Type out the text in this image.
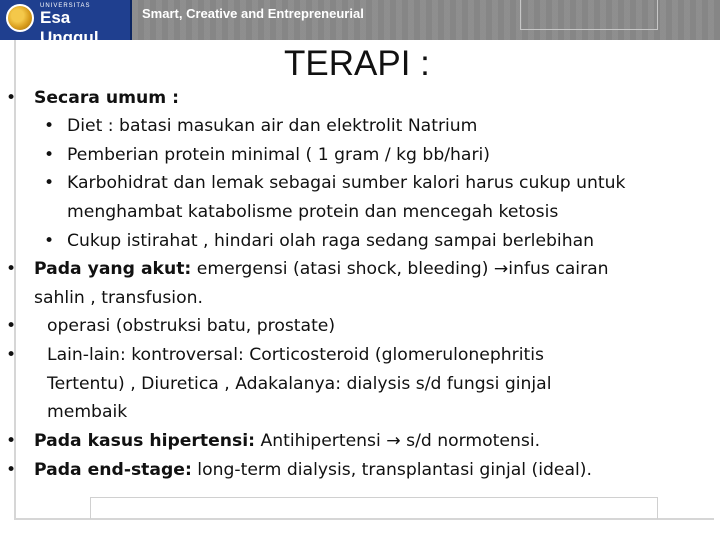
UNIVERSITAS
Esa Unggul
Smart, Creative and Entrepreneurial
TERAPI :
• Secara umum :
• Diet : batasi masukan air dan elektrolit Natrium
• Pemberian protein minimal ( 1 gram / kg bb/hari)
• Karbohidrat dan lemak sebagai sumber kalori harus cukup untuk
menghambat katabolisme protein dan mencegah ketosis
• Cukup istirahat , hindari olah raga sedang sampai berlebihan
• Pada yang akut: emergensi (atasi shock, bleeding) →infus cairan
sahlin , transfusion.
• operasi (obstruksi batu, prostate)
• Lain-lain: kontroversal: Corticosteroid (glomerulonephritis
Tertentu) , Diuretica , Adakalanya: dialysis s/d fungsi ginjal
membaik
• Pada kasus hipertensi: Antihipertensi → s/d normotensi.
• Pada end-stage: long-term dialysis, transplantasi ginjal (ideal).
